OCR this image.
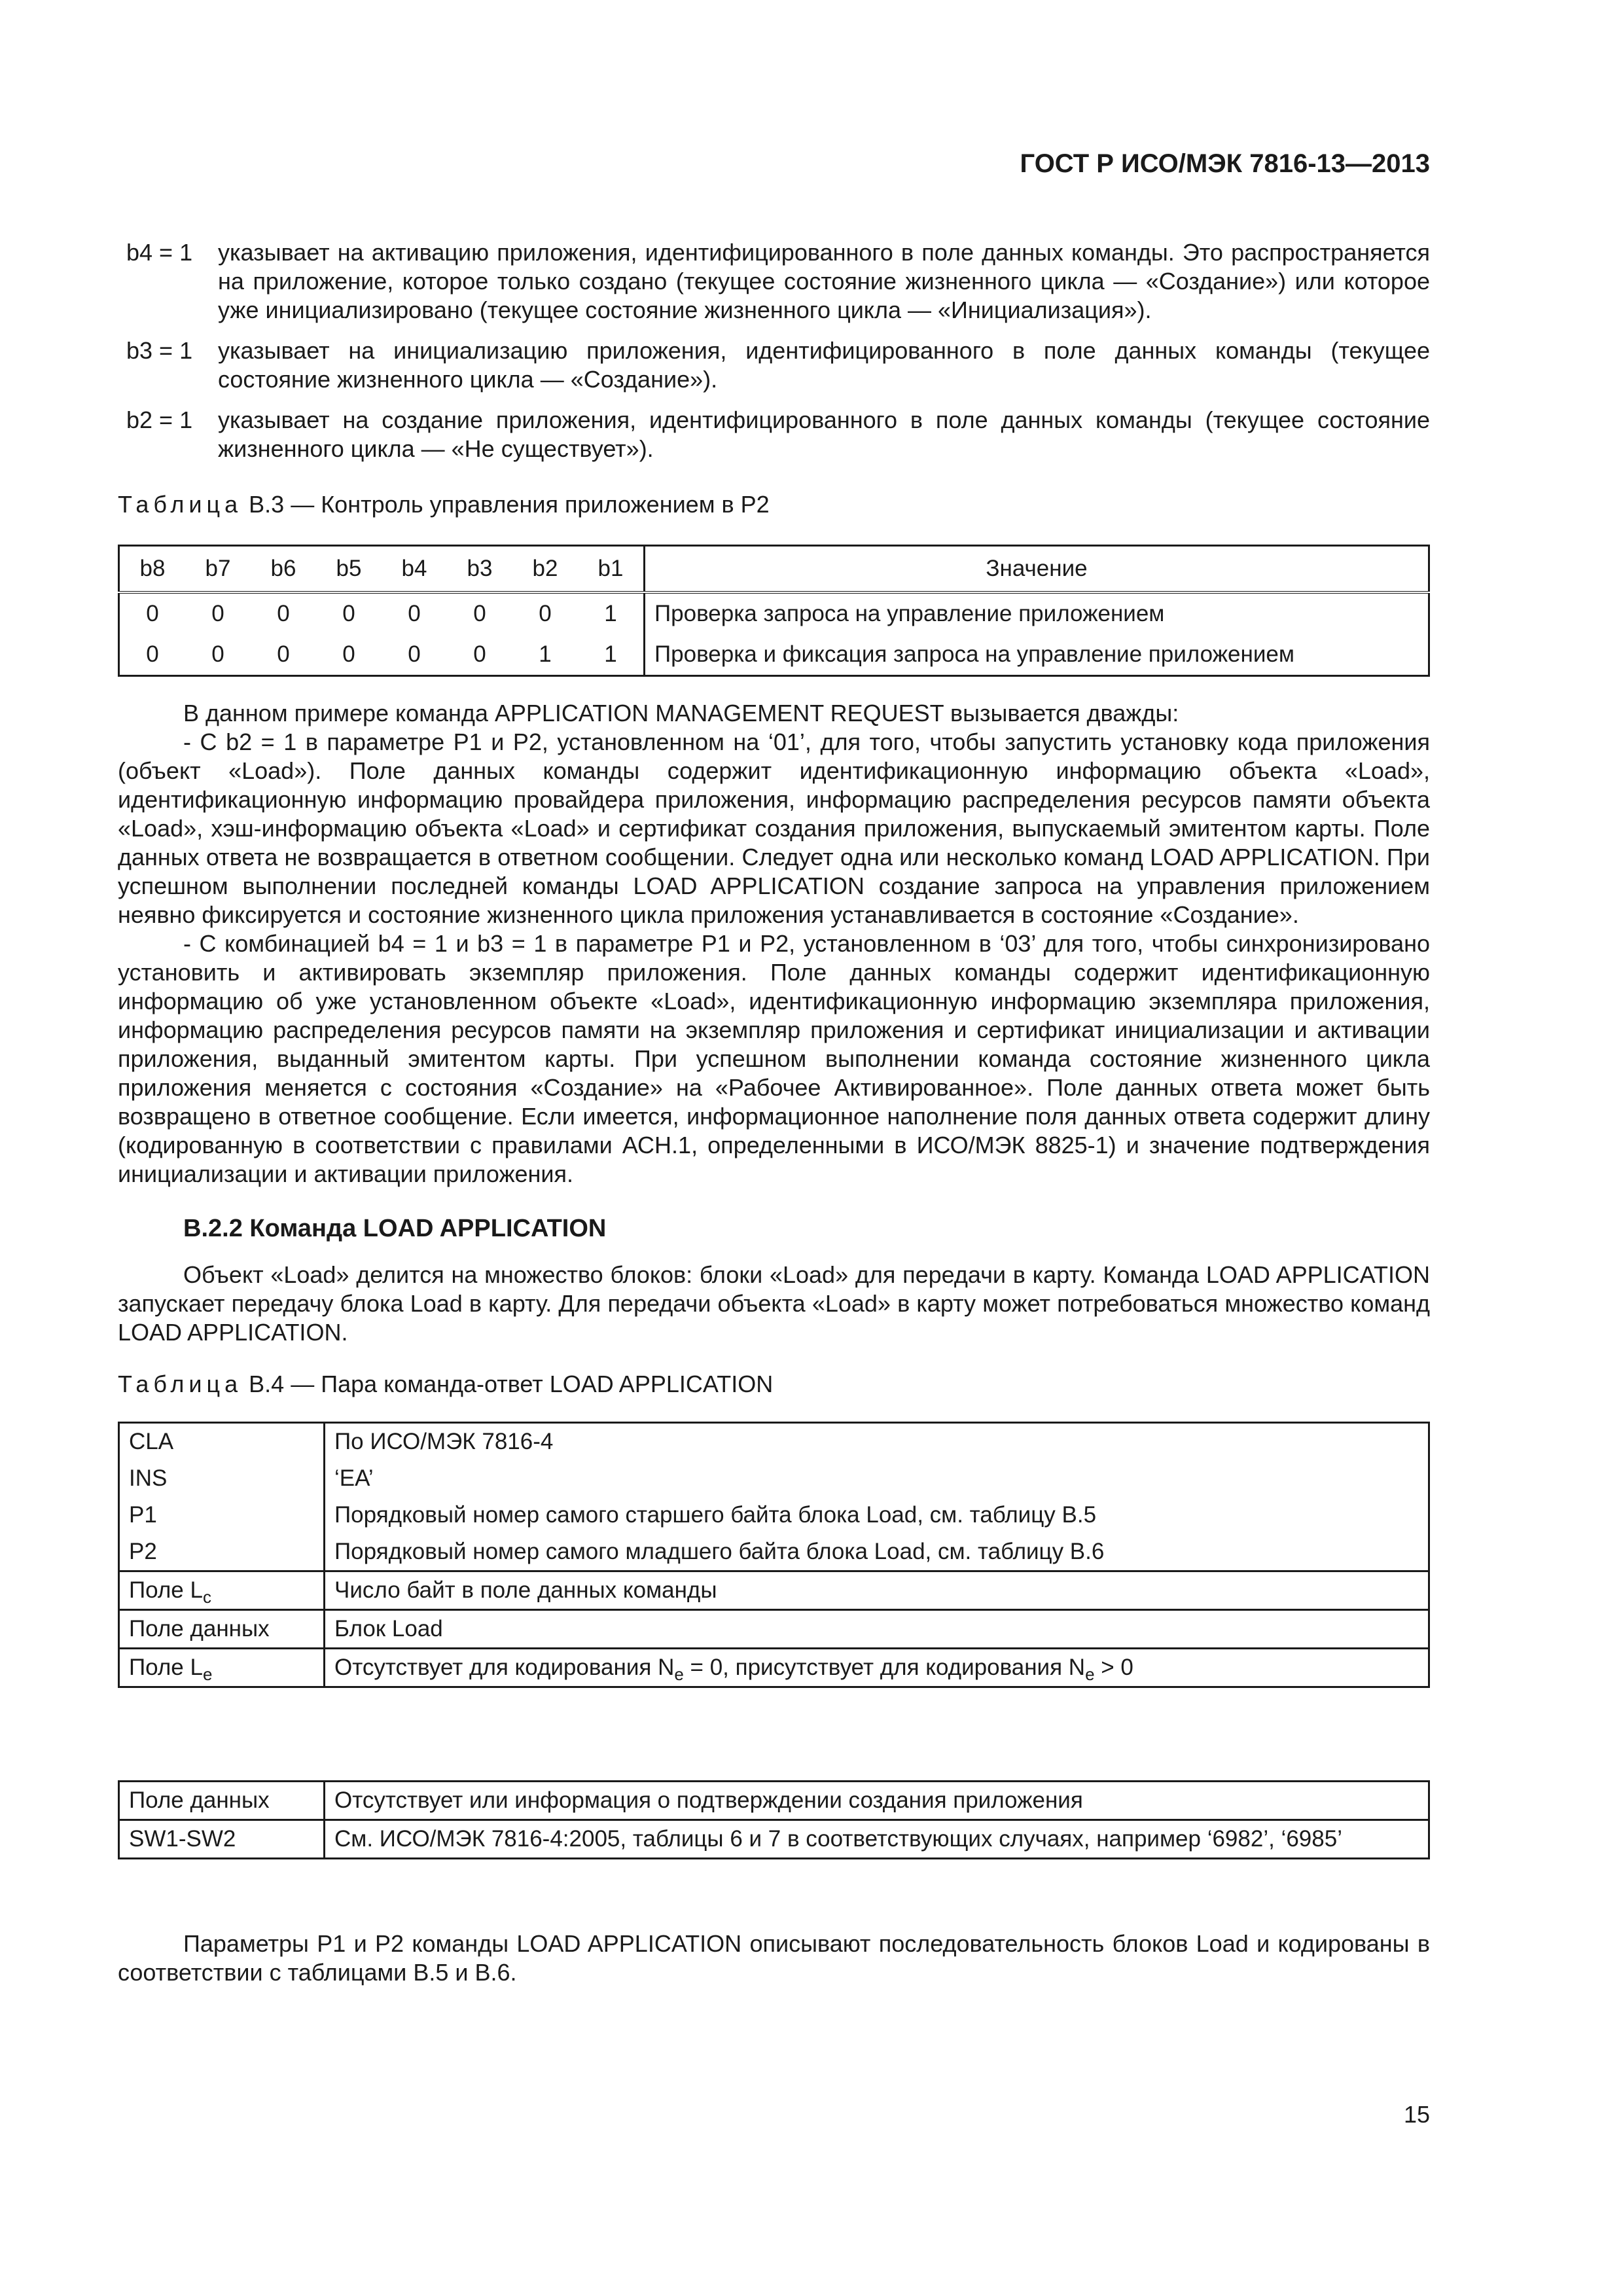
ГОСТ Р ИСО/МЭК 7816-13—2013
b4 = 1	указывает на активацию приложения, идентифицированного в поле данных команды. Это распространяется на приложение, которое только создано (текущее состояние жизненного цикла — «Создание») или которое уже инициализировано (текущее состояние жизненного цикла — «Инициализация»).
b3 = 1	указывает на инициализацию приложения, идентифицированного в поле данных команды (текущее состояние жизненного цикла — «Создание»).
b2 = 1	указывает на создание приложения, идентифицированного в поле данных команды (текущее состояние жизненного цикла — «Не существует»).
Таблица В.3 — Контроль управления приложением в Р2
b8	b7	b6	b5	b4	b3	b2	b1	Значение
0	0	0	0	0	0	0	1	Проверка запроса на управление приложением
0	0	0	0	0	0	1	1	Проверка и фиксация запроса на управление приложением

В данном примере команда APPLICATION MANAGEMENT REQUEST вызывается дважды:

- С b2 = 1 в параметре Р1 и Р2, установленном на ‘01’, для того, чтобы запустить установку кода приложения (объект «Load»). Поле данных команды содержит идентификационную информацию объекта «Load», идентификационную информацию провайдера приложения, информацию распределения ресурсов памяти объекта «Load», хэш-информацию объекта «Load» и сертификат создания приложения, выпускаемый эмитентом карты. Поле данных ответа не возвращается в ответном сообщении. Следует одна или несколько команд LOAD APPLICATION. При успешном выполнении последней команды LOAD APPLICATION создание запроса на управления приложением неявно фиксируется и состояние жизненного цикла приложения устанавливается в состояние «Создание».

- С комбинацией b4 = 1 и b3 = 1 в параметре Р1 и Р2, установленном в ‘03’ для того, чтобы синхронизировано установить и активировать экземпляр приложения. Поле данных команды содержит идентификационную информацию об уже установленном объекте «Load», идентификационную информацию экземпляра приложения, информацию распределения ресурсов памяти на экземпляр приложения и сертификат инициализации и активации приложения, выданный эмитентом карты. При успешном выполнении команда состояние жизненного цикла приложения меняется с состояния «Создание» на «Рабочее Активированное». Поле данных ответа может быть возвращено в ответное сообщение. Если имеется, информационное наполнение поля данных ответа содержит длину (кодированную в соответствии с правилами АСН.1, определенными в ИСО/МЭК 8825-1) и значение подтверждения инициализации и активации приложения.

В.2.2 Команда LOAD APPLICATION

Объект «Load» делится на множество блоков: блоки «Load» для передачи в карту. Команда LOAD APPLICATION запускает передачу блока Load в карту. Для передачи объекта «Load» в карту может потребоваться множество команд LOAD APPLICATION.

Таблица В.4 — Пара команда-ответ LOAD APPLICATION
CLA	По ИСО/МЭК 7816-4
INS	‘EA’
P1	Порядковый номер самого старшего байта блока Load, см. таблицу В.5
P2	Порядковый номер самого младшего байта блока Load, см. таблицу В.6
Поле $L_c$	Число байт в поле данных команды
Поле данных	Блок Load
Поле $L_e$	Отсутствует для кодирования $N_e = 0$, присутствует для кодирования $N_e > 0$
Поле данных	Отсутствует или информация о подтверждении создания приложения
SW1-SW2	См. ИСО/МЭК 7816-4:2005, таблицы 6 и 7 в соответствующих случаях, например ‘6982’, ‘6985’

Параметры Р1 и Р2 команды LOAD APPLICATION описывают последовательность блоков Load и кодированы в соответствии с таблицами В.5 и В.6.

15
